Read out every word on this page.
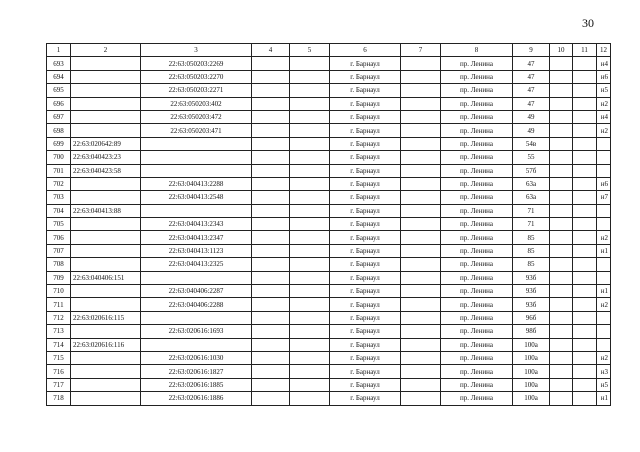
30
1	2	3	4	5	6	7	8	9	10	11	12
693		22:63:050203:2269			г. Барнаул		пр. Ленина	47			н4
694		22:63:050203:2270			г. Барнаул		пр. Ленина	47			н6
695		22:63:050203:2271			г. Барнаул		пр. Ленина	47			н5
696		22:63:050203:402			г. Барнаул		пр. Ленина	47			н2
697		22:63:050203:472			г. Барнаул		пр. Ленина	49			н4
698		22:63:050203:471			г. Барнаул		пр. Ленина	49			н2
699	22:63:020642:89				г. Барнаул		пр. Ленина	54в			
700	22:63:040423:23				г. Барнаул		пр. Ленина	55			
701	22:63:040423:58				г. Барнаул		пр. Ленина	57б			
702		22:63:040413:2288			г. Барнаул		пр. Ленина	63а			н6
703		22:63:040413:2548			г. Барнаул		пр. Ленина	63а			н7
704	22:63:040413:88				г. Барнаул		пр. Ленина	71			
705		22:63:040413:2343			г. Барнаул		пр. Ленина	71			
706		22:63:040413:2347			г. Барнаул		пр. Ленина	85			н2
707		22:63:040413:1123			г. Барнаул		пр. Ленина	85			н1
708		22:63:040413:2325			г. Барнаул		пр. Ленина	85			
709	22:63:040406:151				г. Барнаул		пр. Ленина	93б			
710		22:63:040406:2287			г. Барнаул		пр. Ленина	93б			н1
711		22:63:040406:2288			г. Барнаул		пр. Ленина	93б			н2
712	22:63:020616:115				г. Барнаул		пр. Ленина	96б			
713		22:63:020616:1693			г. Барнаул		пр. Ленина	98б			
714	22:63:020616:116				г. Барнаул		пр. Ленина	100а			
715		22:63:020616:1030			г. Барнаул		пр. Ленина	100а			н2
716		22:63:020616:1827			г. Барнаул		пр. Ленина	100а			н3
717		22:63:020616:1885			г. Барнаул		пр. Ленина	100а			н5
718		22:63:020616:1886			г. Барнаул		пр. Ленина	100а			н1
